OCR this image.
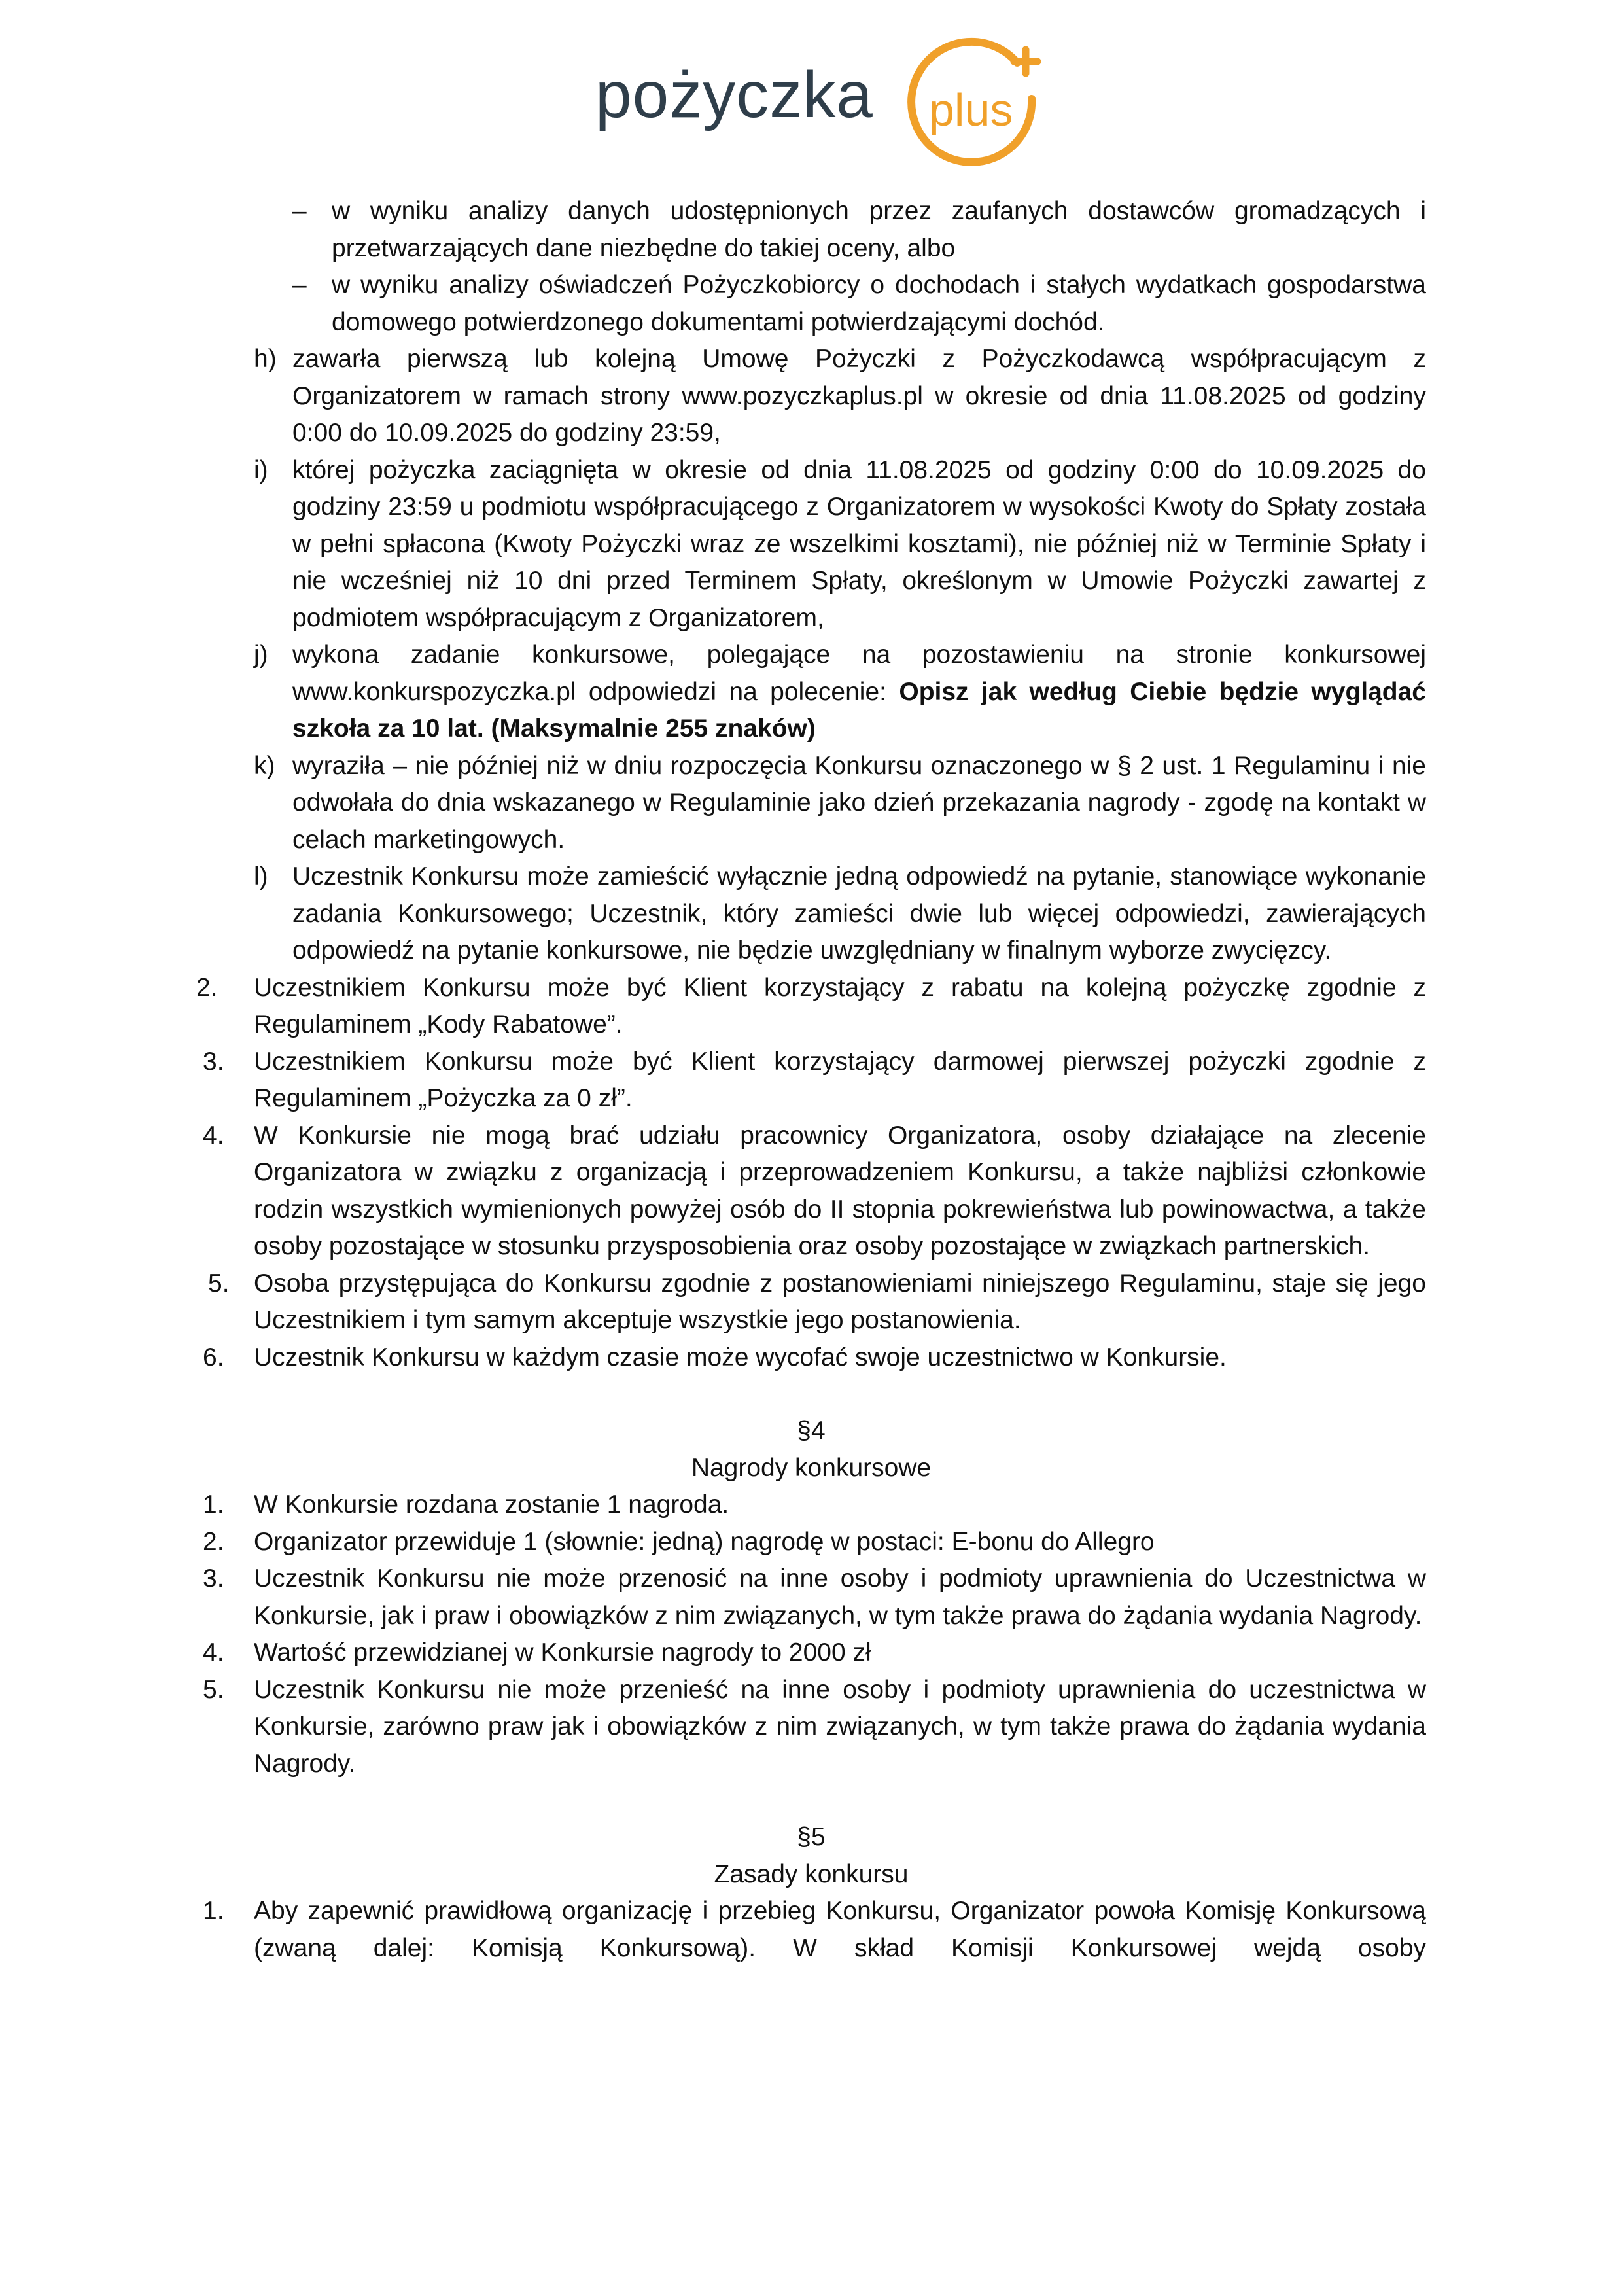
pożyczka plus
– w wyniku analizy danych udostępnionych przez zaufanych dostawców gromadzących i przetwarzających dane niezbędne do takiej oceny, albo
– w wyniku analizy oświadczeń Pożyczkobiorcy o dochodach i stałych wydatkach gospodarstwa domowego potwierdzonego dokumentami potwierdzającymi dochód.
h) zawarła pierwszą lub kolejną Umowę Pożyczki z Pożyczkodawcą współpracującym z Organizatorem w ramach strony www.pozyczkaplus.pl w okresie od dnia 11.08.2025 od godziny 0:00 do 10.09.2025 do godziny 23:59,
i) której pożyczka zaciągnięta w okresie od dnia 11.08.2025 od godziny 0:00 do 10.09.2025 do godziny 23:59 u podmiotu współpracującego z Organizatorem w wysokości Kwoty do Spłaty została w pełni spłacona (Kwoty Pożyczki wraz ze wszelkimi kosztami), nie później niż w Terminie Spłaty i nie wcześniej niż 10 dni przed Terminem Spłaty, określonym w Umowie Pożyczki zawartej z podmiotem współpracującym z Organizatorem,
j) wykona zadanie konkursowe, polegające na pozostawieniu na stronie konkursowej www.konkurspozyczka.pl odpowiedzi na polecenie: Opisz jak według Ciebie będzie wyglądać szkoła za 10 lat. (Maksymalnie 255 znaków)
k) wyraziła – nie później niż w dniu rozpoczęcia Konkursu oznaczonego w § 2 ust. 1 Regulaminu i nie odwołała do dnia wskazanego w Regulaminie jako dzień przekazania nagrody - zgodę na kontakt w celach marketingowych.
l) Uczestnik Konkursu może zamieścić wyłącznie jedną odpowiedź na pytanie, stanowiące wykonanie zadania Konkursowego; Uczestnik, który zamieści dwie lub więcej odpowiedzi, zawierających odpowiedź na pytanie konkursowe, nie będzie uwzględniany w finalnym wyborze zwycięzcy.
2. Uczestnikiem Konkursu może być Klient korzystający z rabatu na kolejną pożyczkę zgodnie z Regulaminem „Kody Rabatowe”.
3. Uczestnikiem Konkursu może być Klient korzystający darmowej pierwszej pożyczki zgodnie z Regulaminem „Pożyczka za 0 zł”.
4. W Konkursie nie mogą brać udziału pracownicy Organizatora, osoby działające na zlecenie Organizatora w związku z organizacją i przeprowadzeniem Konkursu, a także najbliżsi członkowie rodzin wszystkich wymienionych powyżej osób do II stopnia pokrewieństwa lub powinowactwa, a także osoby pozostające w stosunku przysposobienia oraz osoby pozostające w związkach partnerskich.
5. Osoba przystępująca do Konkursu zgodnie z postanowieniami niniejszego Regulaminu, staje się jego Uczestnikiem i tym samym akceptuje wszystkie jego postanowienia.
6. Uczestnik Konkursu w każdym czasie może wycofać swoje uczestnictwo w Konkursie.
§4
Nagrody konkursowe
1. W Konkursie rozdana zostanie 1 nagroda.
2. Organizator przewiduje 1 (słownie: jedną) nagrodę w postaci: E-bonu do Allegro
3. Uczestnik Konkursu nie może przenosić na inne osoby i podmioty uprawnienia do Uczestnictwa w Konkursie, jak i praw i obowiązków z nim związanych, w tym także prawa do żądania wydania Nagrody.
4. Wartość przewidzianej w Konkursie nagrody to 2000 zł
5. Uczestnik Konkursu nie może przenieść na inne osoby i podmioty uprawnienia do uczestnictwa w Konkursie, zarówno praw jak i obowiązków z nim związanych, w tym także prawa do żądania wydania Nagrody.
§5
Zasady konkursu
1. Aby zapewnić prawidłową organizację i przebieg Konkursu, Organizator powoła Komisję Konkursową (zwaną dalej: Komisją Konkursową). W skład Komisji Konkursowej wejdą osoby
